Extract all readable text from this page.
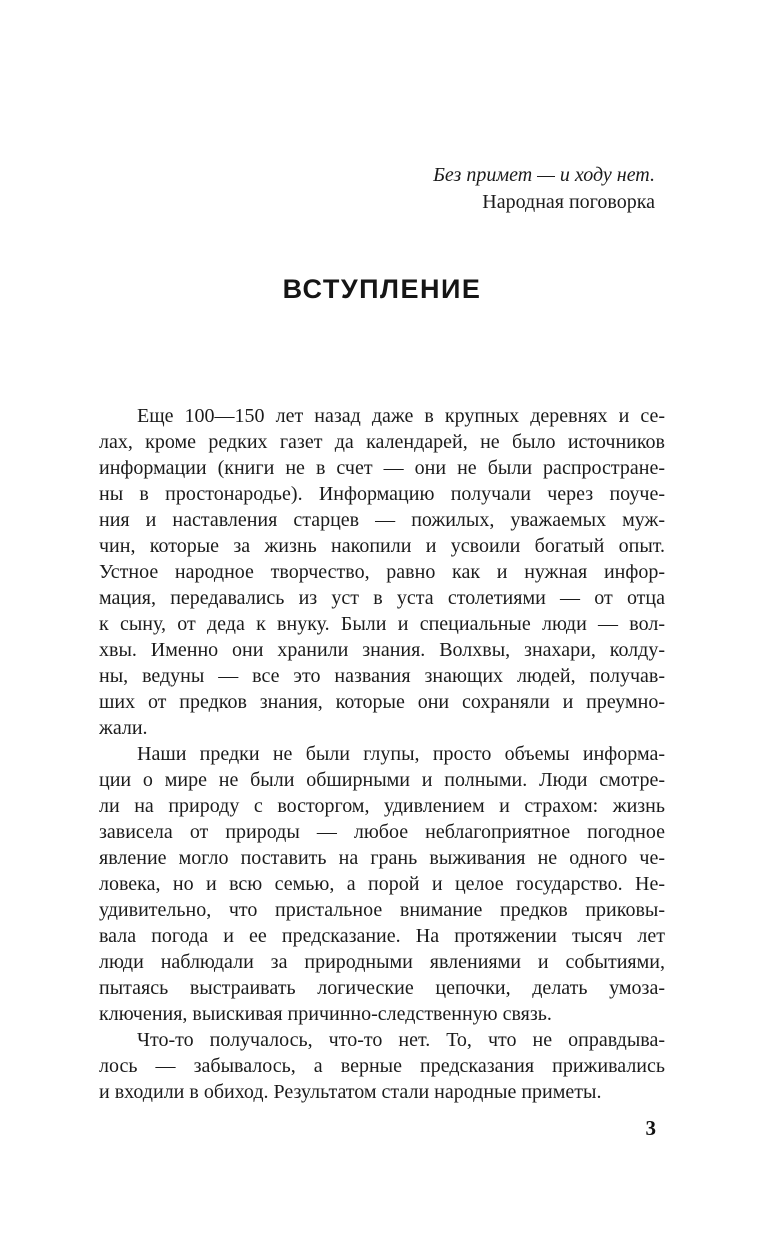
Без примет — и ходу нет.
Народная поговорка
ВСТУПЛЕНИЕ
Еще 100—150 лет назад даже в крупных деревнях и се-
лах, кроме редких газет да календарей, не было источников
информации (книги не в счет — они не были распростране-
ны в простонародье). Информацию получали через поуче-
ния и наставления старцев — пожилых, уважаемых муж-
чин, которые за жизнь накопили и усвоили богатый опыт.
Устное народное творчество, равно как и нужная инфор-
мация, передавались из уст в уста столетиями — от отца
к сыну, от деда к внуку. Были и специальные люди — вол-
хвы. Именно они хранили знания. Волхвы, знахари, колду-
ны, ведуны — все это названия знающих людей, получав-
ших от предков знания, которые они сохраняли и преумно-
жали.
Наши предки не были глупы, просто объемы информа-
ции о мире не были обширными и полными. Люди смотре-
ли на природу с восторгом, удивлением и страхом: жизнь
зависела от природы — любое неблагоприятное погодное
явление могло поставить на грань выживания не одного че-
ловека, но и всю семью, а порой и целое государство. Не-
удивительно, что пристальное внимание предков приковы-
вала погода и ее предсказание. На протяжении тысяч лет
люди наблюдали за природными явлениями и событиями,
пытаясь выстраивать логические цепочки, делать умоза-
ключения, выискивая причинно-следственную связь.
Что-то получалось, что-то нет. То, что не оправдыва-
лось — забывалось, а верные предсказания приживались
и входили в обиход. Результатом стали народные приметы.
3
